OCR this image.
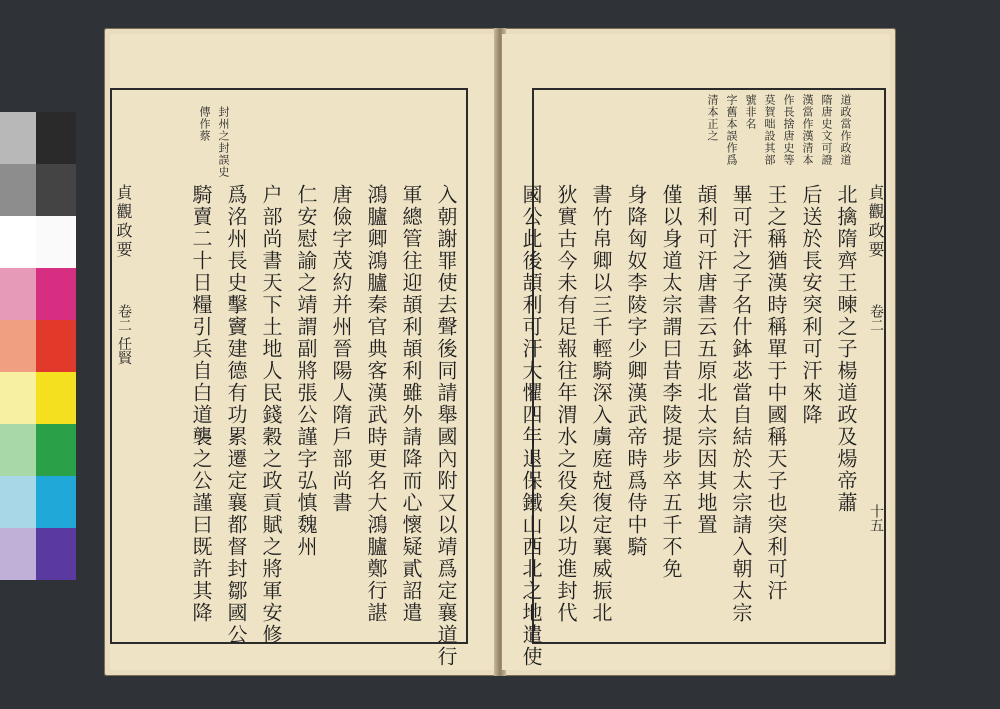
封州之封誤史
傳作蔡
入朝謝罪使去聲後同請舉國內附又以靖爲定襄道行
軍總管往迎頡利頡利雖外請降而心懷疑貳詔遣
鴻臚卿鴻臚秦官典客漢武時更名大鴻臚鄭行諶
唐儉字茂約并州晉陽人隋戶部尚書
仁安慰諭之靖謂副將張公謹字弘慎魏州
户部尚書天下土地人民錢穀之政貢賦之將軍安修
爲洺州長史擊竇建德有功累遷定襄都督封鄒國公
騎賣二十日糧引兵自白道襲之公謹曰既許其降
貞觀政要
卷二 任賢
道政當作政道
隋唐史文可證
漢當作漢清本
作長捨唐史等
莫賀咄設其部
號非名
字舊本誤作爲
清本正之
北擒隋齊王暕之子楊道政及煬帝蕭
后送於長安突利可汗來降
王之稱猶漢時稱單于中國稱天子也突利可汗
畢可汗之子名什鉢苾當自結於太宗請入朝太宗
頡利可汗唐書云五原北太宗因其地置
僅以身道太宗謂曰昔李陵提步卒五千不免
身降匈奴李陵字少卿漢武帝時爲侍中騎
書竹帛卿以三千輕騎深入虜庭尅復定襄威振北
狄實古今未有足報往年渭水之役矣以功進封代
國公此後頡利可汗大懼四年退保鐵山西北之地遣使	貞觀政要
卷二
十五
